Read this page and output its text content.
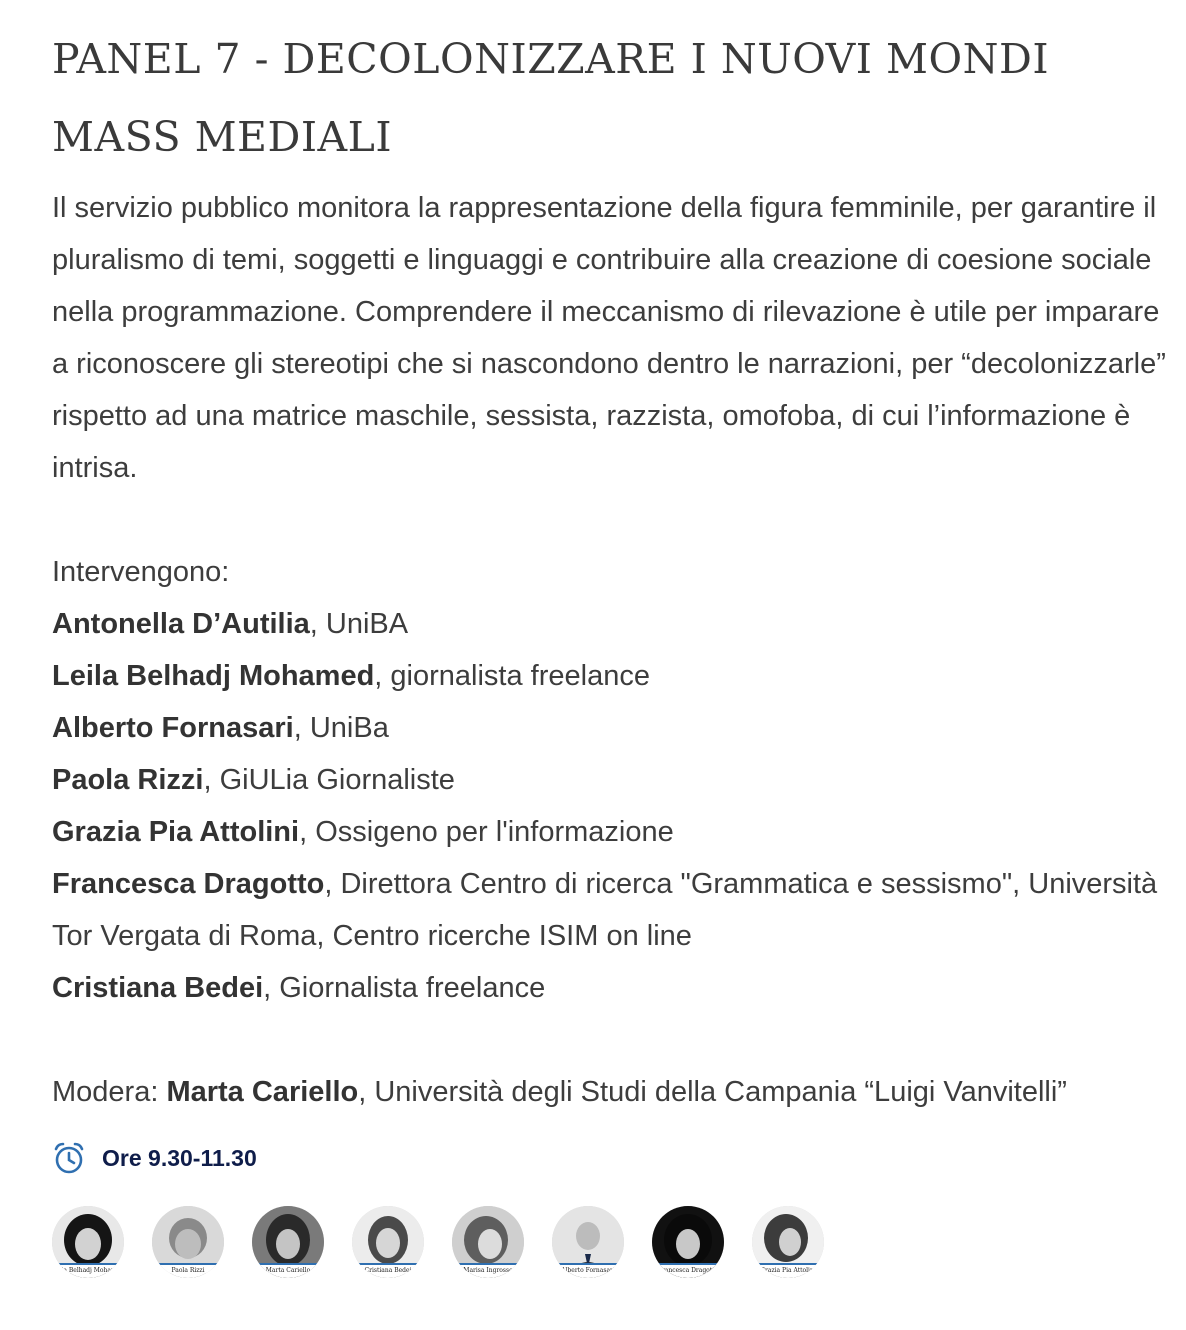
PANEL 7 - DECOLONIZZARE I NUOVI MONDI
MASS MEDIALI

Il servizio pubblico monitora la rappresentazione della figura femminile, per garantire il pluralismo di temi, soggetti e linguaggi e contribuire alla creazione di coesione sociale nella programmazione. Comprendere il meccanismo di rilevazione è utile per imparare a riconoscere gli stereotipi che si nascondono dentro le narrazioni, per “decolonizzarle” rispetto ad una matrice maschile, sessista, razzista, omofoba, di cui l’informazione è intrisa.

Intervengono:

Antonella D’Autilia, UniBA

Leila Belhadj Mohamed, giornalista freelance

Alberto Fornasari, UniBa

Paola Rizzi, GiULia Giornaliste

Grazia Pia Attolini, Ossigeno per l'informazione

Francesca Dragotto, Direttora Centro di ricerca "Grammatica e sessismo", Università Tor Vergata di Roma, Centro ricerche ISIM on line

Cristiana Bedei, Giornalista freelance

Modera: Marta Cariello, Università degli Studi della Campania “Luigi Vanvitelli”

Ore 9.30-11.30
Leila Belhadj Mohamed	Paola Rizzi	Marta Cariello	Cristiana Bedei	Marisa Ingrosso	Alberto Fornasari	Francesca Dragotto	Grazia Pia Attolini
